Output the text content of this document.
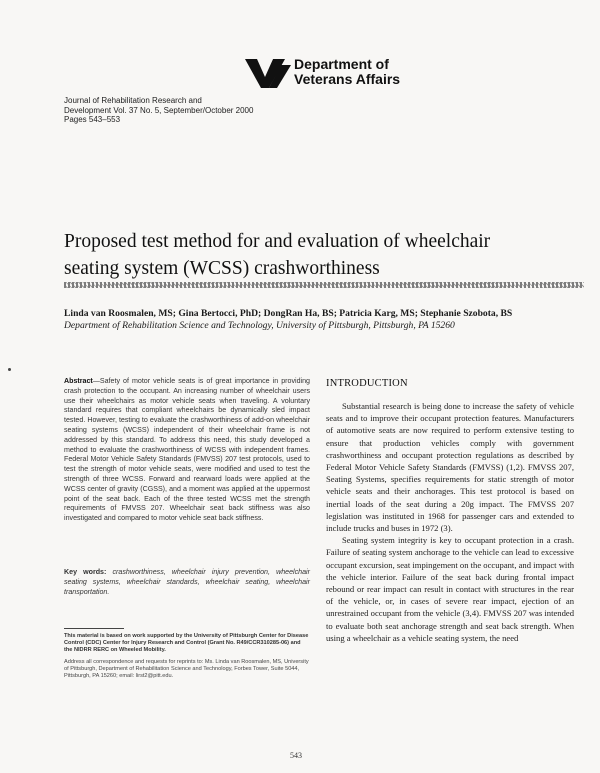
Department of
Veterans Affairs
Journal of Rehabilitation Research and
Development Vol. 37 No. 5, September/October 2000
Pages 543–553
Proposed test method for and evaluation of wheelchair seating system (WCSS) crashworthiness
Linda van Roosmalen, MS; Gina Bertocci, PhD; DongRan Ha, BS; Patricia Karg, MS; Stephanie Szobota, BS
Department of Rehabilitation Science and Technology, University of Pittsburgh, Pittsburgh, PA 15260
Abstract—Safety of motor vehicle seats is of great importance in providing crash protection to the occupant. An increasing number of wheelchair users use their wheelchairs as motor vehicle seats when traveling. A voluntary standard requires that compliant wheelchairs be dynamically sled impact tested. However, testing to evaluate the crashworthiness of add-on wheelchair seating systems (WCSS) independent of their wheelchair frame is not addressed by this standard. To address this need, this study developed a method to evaluate the crashworthiness of WCSS with independent frames. Federal Motor Vehicle Safety Standards (FMVSS) 207 test protocols, used to test the strength of motor vehicle seats, were modified and used to test the strength of three WCSS. Forward and rearward loads were applied at the WCSS center of gravity (CGSS), and a moment was applied at the uppermost point of the seat back. Each of the three tested WCSS met the strength requirements of FMVSS 207. Wheelchair seat back stiffness was also investigated and compared to motor vehicle seat back stiffness.
Key words: crashworthiness, wheelchair injury prevention, wheelchair seating systems, wheelchair standards, wheelchair seating, wheelchair transportation.
This material is based on work supported by the University of Pittsburgh Center for Disease Control (CDC) Center for Injury Research and Control (Grant No. R49/CCR310285-06) and the NIDRR RERC on Wheeled Mobility.
Address all correspondence and requests for reprints to: Ms. Linda van Roosmalen, MS, University of Pittsburgh, Department of Rehabilitation Science and Technology, Forbes Tower, Suite 5044, Pittsburgh, PA 15260; email: lirst2@pitt.edu.
INTRODUCTION

Substantial research is being done to increase the safety of vehicle seats and to improve their occupant protection features. Manufacturers of automotive seats are now required to perform extensive testing to ensure that production vehicles comply with government crashworthiness and occupant protection regulations as described by Federal Motor Vehicle Safety Standards (FMVSS) (1,2). FMVSS 207, Seating Systems, specifies requirements for static strength of motor vehicle seats and their anchorages. This test protocol is based on inertial loads of the seat during a 20g impact. The FMVSS 207 legislation was instituted in 1968 for passenger cars and extended to include trucks and buses in 1972 (3).

Seating system integrity is key to occupant protection in a crash. Failure of seating system anchorage to the vehicle can lead to excessive occupant excursion, seat impingement on the occupant, and impact with the vehicle interior. Failure of the seat back during frontal impact rebound or rear impact can result in contact with structures in the rear of the vehicle, or, in cases of severe rear impact, ejection of an unrestrained occupant from the vehicle (3,4). FMVSS 207 was intended to evaluate both seat anchorage strength and seat back strength. When using a wheelchair as a vehicle seating system, the need

543
